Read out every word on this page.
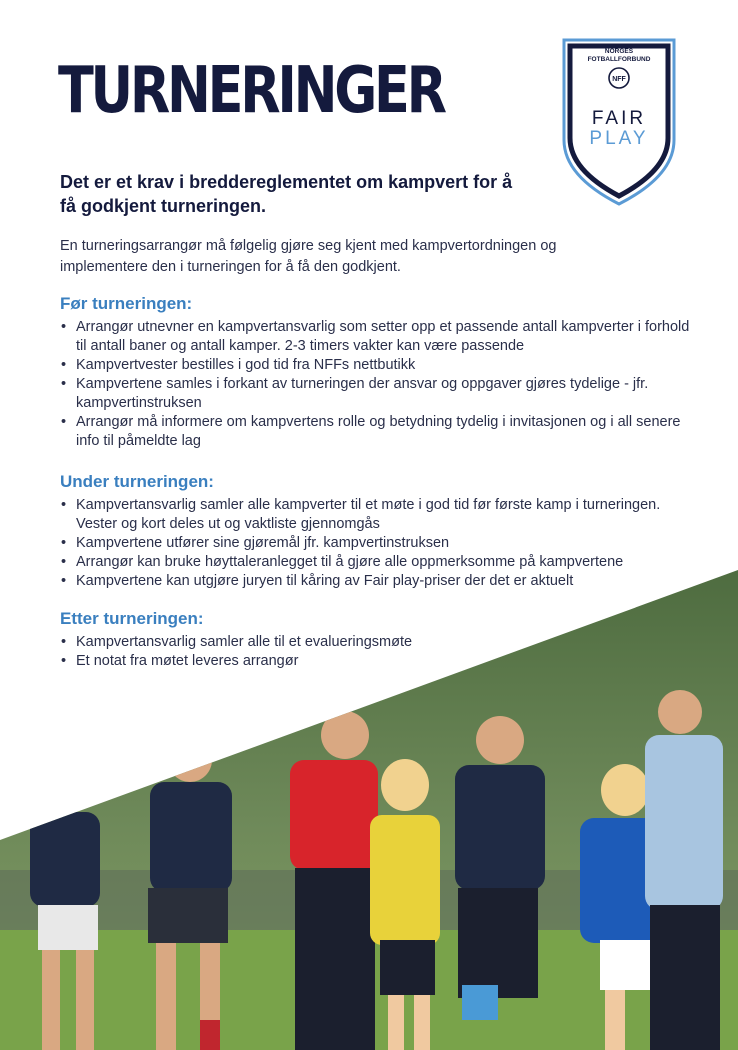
TURNERINGER
NORGES
FOTBALLFORBUND
NFF
FAIR
PLAY

Det er et krav i breddereglementet om kampvert for å få godkjent turneringen.

En turneringsarrangør må følgelig gjøre seg kjent med kampvertordningen og implementere den i turneringen for å få den godkjent.

Før turneringen:
• Arrangør utnevner en kampvertansvarlig som setter opp et passende antall kampverter i forhold til antall baner og antall kamper. 2-3 timers vakter kan være passende
• Kampvertvester bestilles i god tid fra NFFs nettbutikk
• Kampvertene samles i forkant av turneringen der ansvar og oppgaver gjøres tydelige - jfr. kampvertinstruksen
• Arrangør må informere om kampvertens rolle og betydning tydelig i invitasjonen og i all senere info til påmeldte lag
Under turneringen:
• Kampvertansvarlig samler alle kampverter til et møte i god tid før første kamp i turneringen. Vester og kort deles ut og vaktliste gjennomgås
• Kampvertene utfører sine gjøremål jfr. kampvertinstruksen
• Arrangør kan bruke høyttaleranlegget til å gjøre alle oppmerksomme på kampvertene
• Kampvertene kan utgjøre juryen til kåring av Fair play-priser der det er aktuelt
Etter turneringen:
• Kampvertansvarlig samler alle til et evalueringsmøte
• Et notat fra møtet leveres arrangør
